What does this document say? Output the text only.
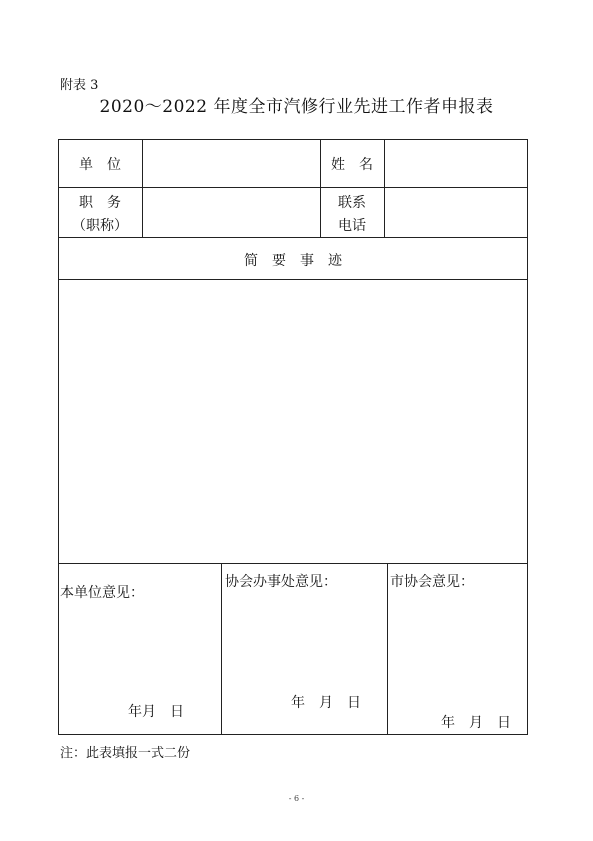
附表 3
2020～2022 年度全市汽修行业先进工作者申报表
单　位	姓　名
职　务
（职称）
联系
电话
简　要　事　迹
本单位意见：
年月　日
协会办事处意见：
年　月　日
市协会意见：
年　月　日
注：此表填报一式二份
- 6 -
